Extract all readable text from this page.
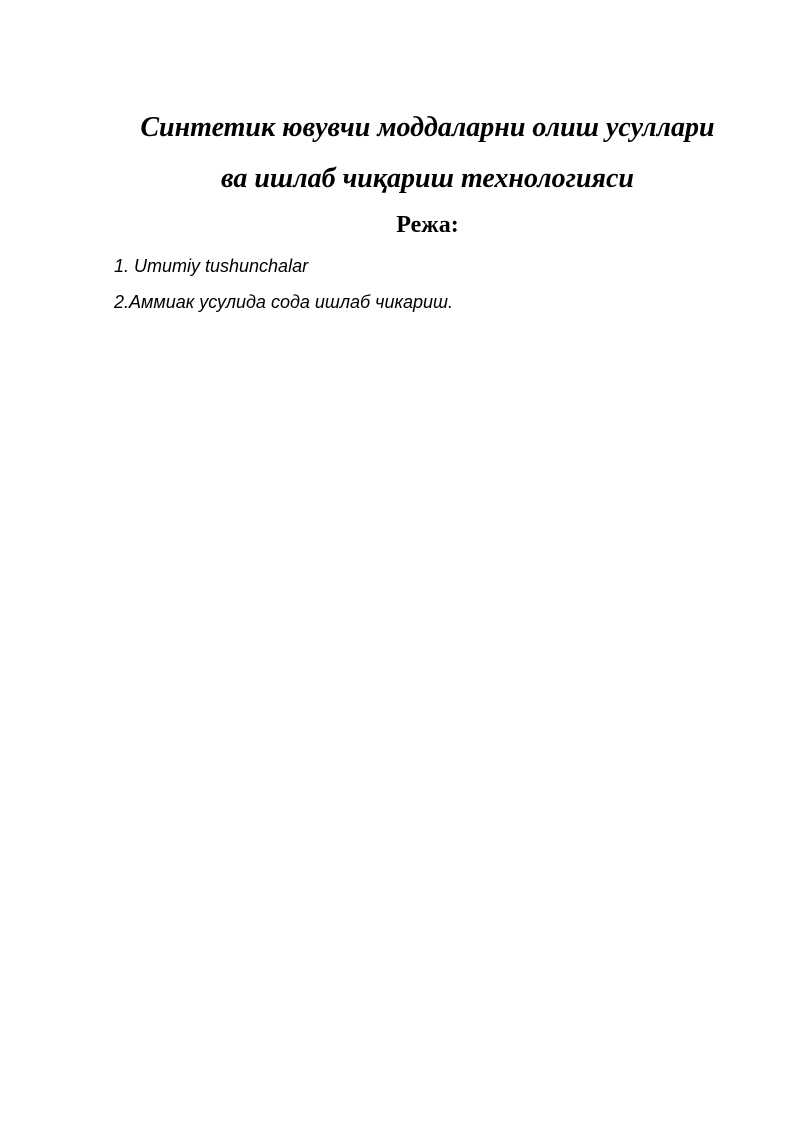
Синтетик ювувчи моддаларни олиш усуллари
ва ишлаб чиқариш технологияси
Режа:
1. Umumiy tushunchalar
2.Аммиак усулида сода ишлаб чикариш.
